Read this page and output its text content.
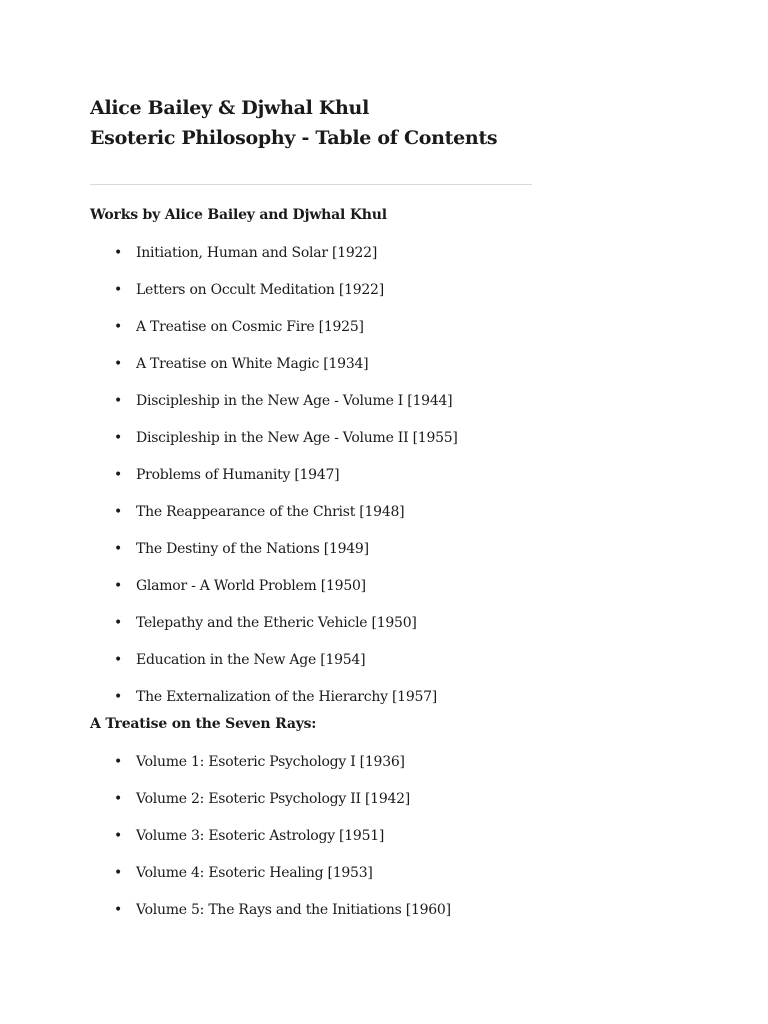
Alice Bailey & Djwhal Khul
Esoteric Philosophy - Table of Contents

Works by Alice Bailey and Djwhal Khul

• Initiation, Human and Solar [1922]
• Letters on Occult Meditation [1922]
• A Treatise on Cosmic Fire [1925]
• A Treatise on White Magic [1934]
• Discipleship in the New Age - Volume I [1944]
• Discipleship in the New Age - Volume II [1955]
• Problems of Humanity [1947]
• The Reappearance of the Christ [1948]
• The Destiny of the Nations [1949]
• Glamor - A World Problem [1950]
• Telepathy and the Etheric Vehicle [1950]
• Education in the New Age [1954]
• The Externalization of the Hierarchy [1957]

A Treatise on the Seven Rays:

• Volume 1: Esoteric Psychology I [1936]
• Volume 2: Esoteric Psychology II [1942]
• Volume 3: Esoteric Astrology [1951]
• Volume 4: Esoteric Healing [1953]
• Volume 5: The Rays and the Initiations [1960]
